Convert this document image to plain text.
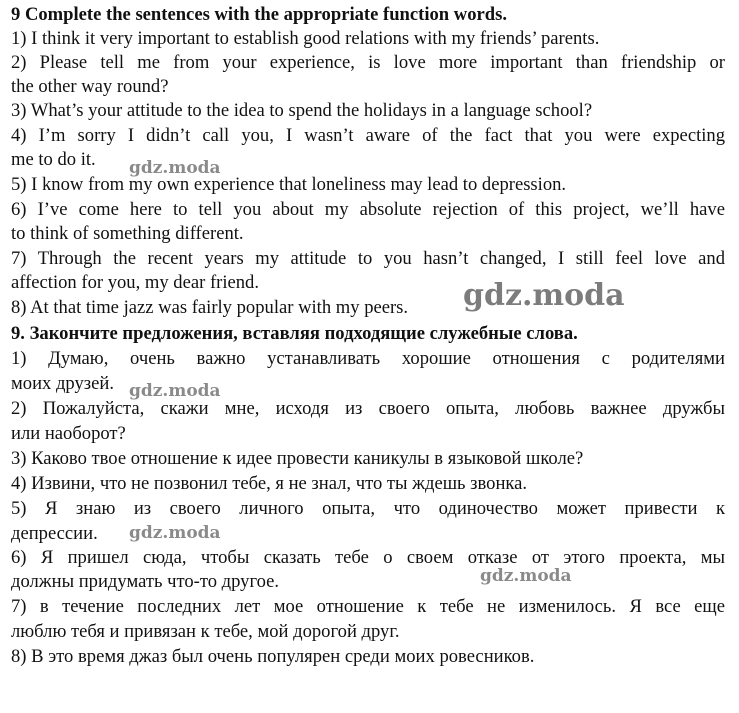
9 Complete the sentences with the appropriate function words.
1) I think it very important to establish good relations with my friends’ parents.
2) Please tell me from your experience, is love more important than friendship or
the other way round?
3) What’s your attitude to the idea to spend the holidays in a language school?
4) I’m sorry I didn’t call you, I wasn’t aware of the fact that you were expecting
me to do it.
5) I know from my own experience that loneliness may lead to depression.
6) I’ve come here to tell you about my absolute rejection of this project, we’ll have
to think of something different.
7) Through the recent years my attitude to you hasn’t changed, I still feel love and
affection for you, my dear friend.
8) At that time jazz was fairly popular with my peers.
9. Закончите предложения, вставляя подходящие служебные слова.
1) Думаю, очень важно устанавливать хорошие отношения с родителями
моих друзей.
2) Пожалуйста, скажи мне, исходя из своего опыта, любовь важнее дружбы
или наоборот?
3) Каково твое отношение к идее провести каникулы в языковой школе?
4) Извини, что не позвонил тебе, я не знал, что ты ждешь звонка.
5) Я знаю из своего личного опыта, что одиночество может привести к
депрессии.
6) Я пришел сюда, чтобы сказать тебе о своем отказе от этого проекта, мы
должны придумать что-то другое.
7) в течение последних лет мое отношение к тебе не изменилось. Я все еще
люблю тебя и привязан к тебе, мой дорогой друг.
8) В это время джаз был очень популярен среди моих ровесников.
gdz.moda
gdz.moda
gdz.moda
gdz.moda
gdz.moda
